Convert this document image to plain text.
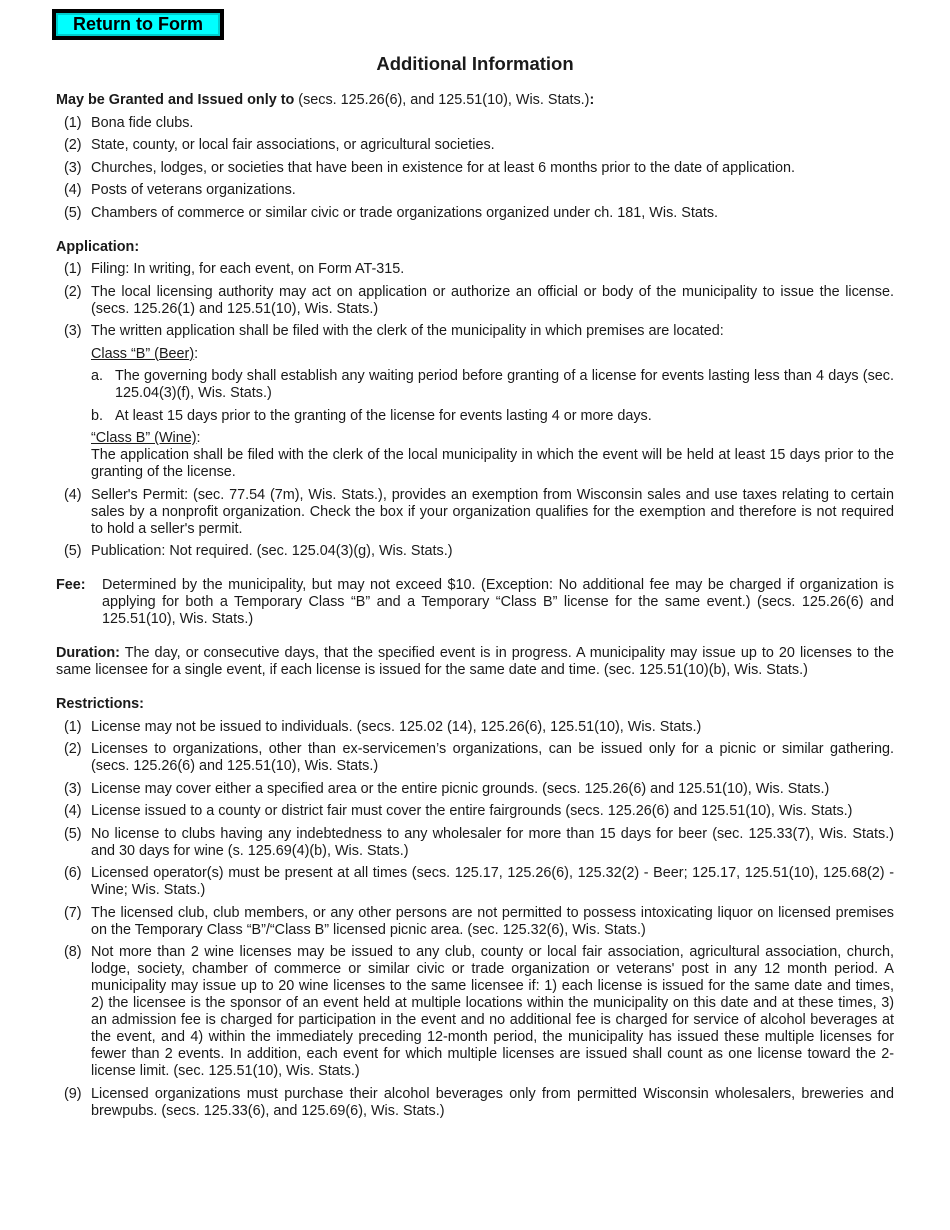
Return to Form
Additional Information
May be Granted and Issued only to (secs. 125.26(6), and 125.51(10), Wis. Stats.):
(1) Bona fide clubs.
(2) State, county, or local fair associations, or agricultural societies.
(3) Churches, lodges, or societies that have been in existence for at least 6 months prior to the date of application.
(4) Posts of veterans organizations.
(5) Chambers of commerce or similar civic or trade organizations organized under ch. 181, Wis. Stats.
Application:
(1) Filing: In writing, for each event, on Form AT-315.
(2) The local licensing authority may act on application or authorize an official or body of the municipality to issue the license. (secs. 125.26(1) and 125.51(10), Wis. Stats.)
(3) The written application shall be filed with the clerk of the municipality in which premises are located:
Class “B” (Beer):
a. The governing body shall establish any waiting period before granting of a license for events lasting less than 4 days (sec. 125.04(3)(f), Wis. Stats.)
b. At least 15 days prior to the granting of the license for events lasting 4 or more days.
“Class B” (Wine):
The application shall be filed with the clerk of the local municipality in which the event will be held at least 15 days prior to the granting of the license.
(4) Seller's Permit: (sec. 77.54 (7m), Wis. Stats.), provides an exemption from Wisconsin sales and use taxes relating to certain sales by a nonprofit organization. Check the box if your organization qualifies for the exemption and therefore is not required to hold a seller's permit.
(5) Publication: Not required. (sec. 125.04(3)(g), Wis. Stats.)
Fee:	Determined by the municipality, but may not exceed $10. (Exception: No additional fee may be charged if organization is applying for both a Temporary Class “B” and a Temporary “Class B” license for the same event.) (secs. 125.26(6) and 125.51(10), Wis. Stats.)
Duration: The day, or consecutive days, that the specified event is in progress. A municipality may issue up to 20 licenses to the same licensee for a single event, if each license is issued for the same date and time. (sec. 125.51(10)(b), Wis. Stats.)
Restrictions:
(1) License may not be issued to individuals. (secs. 125.02 (14), 125.26(6), 125.51(10), Wis. Stats.)
(2) Licenses to organizations, other than ex-servicemen’s organizations, can be issued only for a picnic or similar gathering. (secs. 125.26(6) and 125.51(10), Wis. Stats.)
(3) License may cover either a specified area or the entire picnic grounds. (secs. 125.26(6) and 125.51(10), Wis. Stats.)
(4) License issued to a county or district fair must cover the entire fairgrounds (secs. 125.26(6) and 125.51(10), Wis. Stats.)
(5) No license to clubs having any indebtedness to any wholesaler for more than 15 days for beer (sec. 125.33(7), Wis. Stats.) and 30 days for wine (s. 125.69(4)(b), Wis. Stats.)
(6) Licensed operator(s) must be present at all times (secs. 125.17, 125.26(6), 125.32(2) - Beer; 125.17, 125.51(10), 125.68(2) - Wine; Wis. Stats.)
(7) The licensed club, club members, or any other persons are not permitted to possess intoxicating liquor on licensed premises on the Temporary Class “B”/“Class B” licensed picnic area. (sec. 125.32(6), Wis. Stats.)
(8) Not more than 2 wine licenses may be issued to any club, county or local fair association, agricultural association, church, lodge, society, chamber of commerce or similar civic or trade organization or veterans' post in any 12 month period. A municipality may issue up to 20 wine licenses to the same licensee if: 1) each license is issued for the same date and times, 2) the licensee is the sponsor of an event held at multiple locations within the municipality on this date and at these times, 3) an admission fee is charged for participation in the event and no additional fee is charged for service of alcohol beverages at the event, and 4) within the immediately preceding 12-month period, the municipality has issued these multiple licenses for fewer than 2 events. In addition, each event for which multiple licenses are issued shall count as one license toward the 2-license limit. (sec. 125.51(10), Wis. Stats.)
(9) Licensed organizations must purchase their alcohol beverages only from permitted Wisconsin wholesalers, breweries and brewpubs. (secs. 125.33(6), and 125.69(6), Wis. Stats.)
